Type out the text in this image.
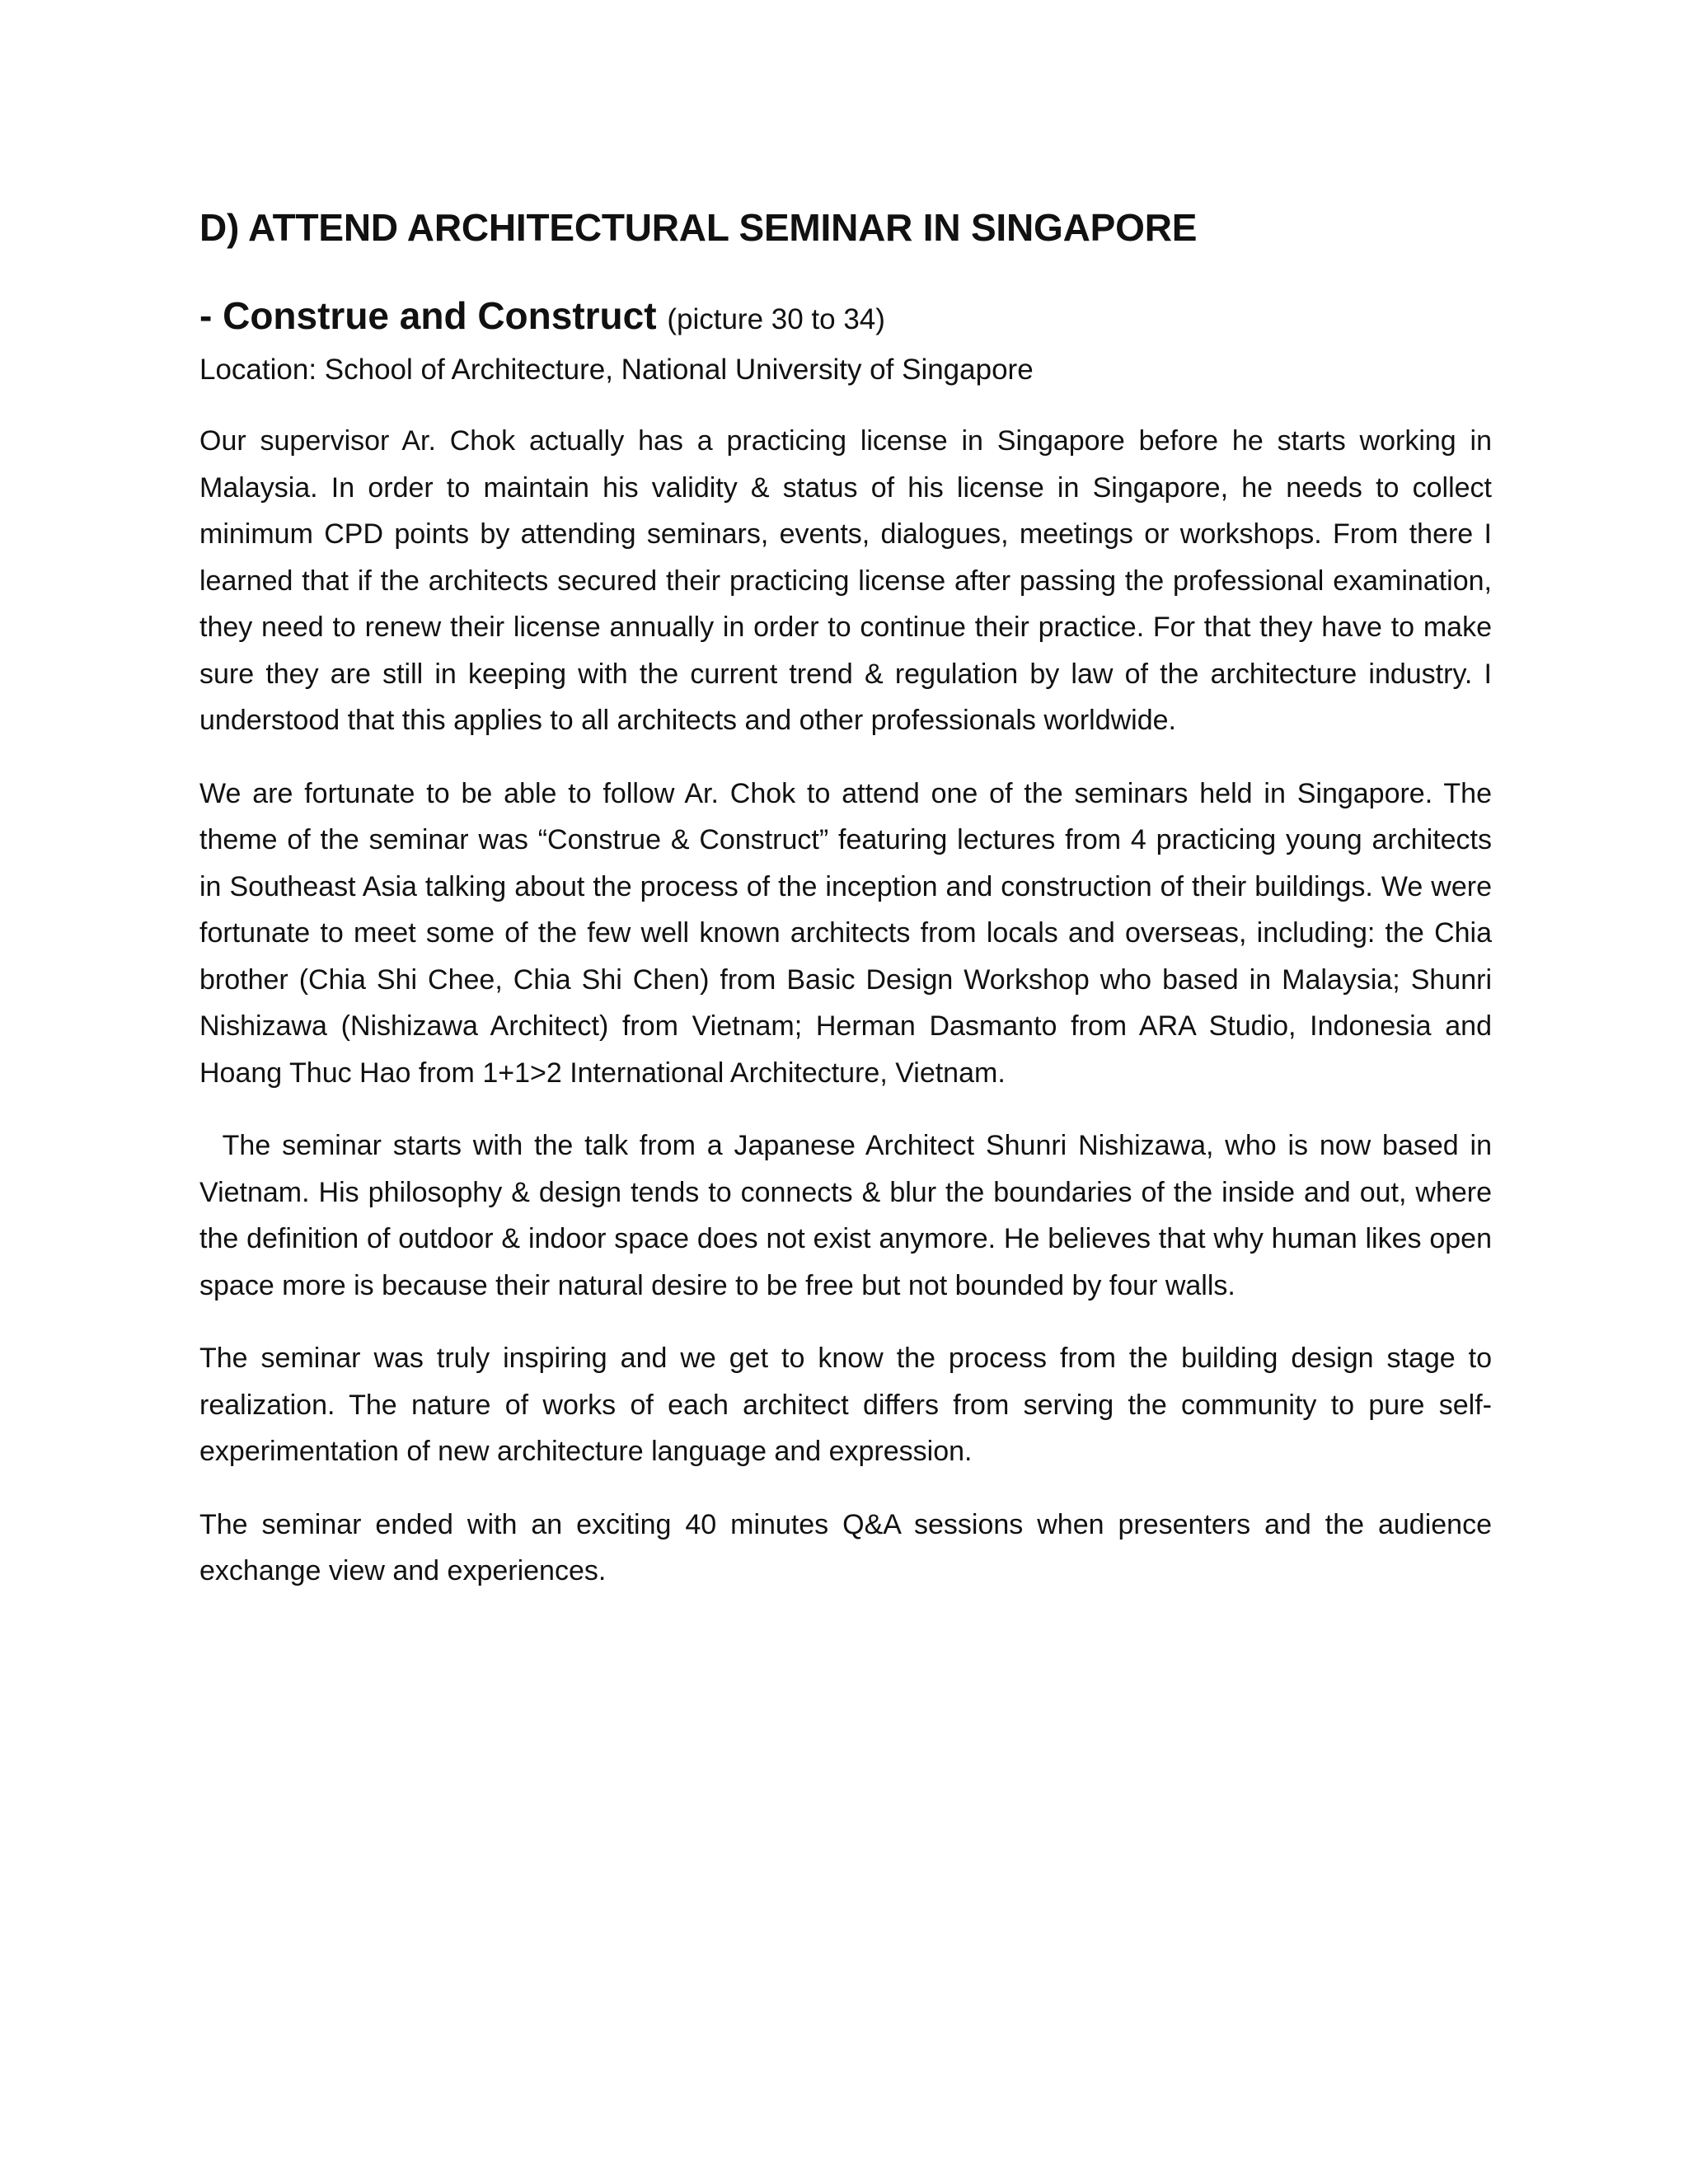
D) ATTEND ARCHITECTURAL SEMINAR IN SINGAPORE
- Construe and Construct (picture 30 to 34)

Location: School of Architecture, National University of Singapore

Our supervisor Ar. Chok actually has a practicing license in Singapore before he starts working in Malaysia. In order to maintain his validity & status of his license in Singapore, he needs to collect minimum CPD points by attending seminars, events, dialogues, meetings or workshops. From there I learned that if the architects secured their practicing license after passing the professional examination, they need to renew their license annually in order to continue their practice. For that they have to make sure they are still in keeping with the current trend & regulation by law of the architecture industry. I understood that this applies to all architects and other professionals worldwide.

We are fortunate to be able to follow Ar. Chok to attend one of the seminars held in Singapore. The theme of the seminar was “Construe & Construct” featuring lectures from 4 practicing young architects in Southeast Asia talking about the process of the inception and construction of their buildings. We were fortunate to meet some of the few well known architects from locals and overseas, including: the Chia brother (Chia Shi Chee, Chia Shi Chen) from Basic Design Workshop who based in Malaysia; Shunri Nishizawa (Nishizawa Architect) from Vietnam; Herman Dasmanto from ARA Studio, Indonesia and Hoang Thuc Hao from 1+1>2 International Architecture, Vietnam.

The seminar starts with the talk from a Japanese Architect Shunri Nishizawa, who is now based in Vietnam. His philosophy & design tends to connects & blur the boundaries of the inside and out, where the definition of outdoor & indoor space does not exist anymore. He believes that why human likes open space more is because their natural desire to be free but not bounded by four walls.

The seminar was truly inspiring and we get to know the process from the building design stage to realization. The nature of works of each architect differs from serving the community to pure self-experimentation of new architecture language and expression.

The seminar ended with an exciting 40 minutes Q&A sessions when presenters and the audience exchange view and experiences.
